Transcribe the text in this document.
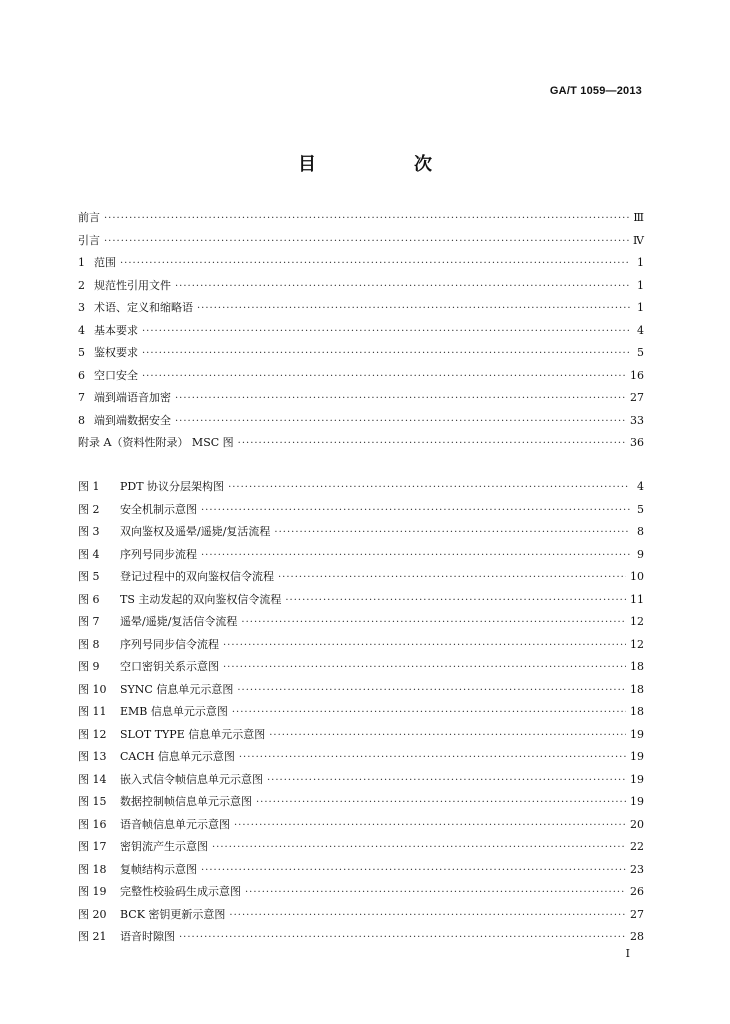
GA/T 1059—2013
目　次
前言 ·····	Ⅲ
引言 ·····	Ⅳ
1 范围 ·····	1
2 规范性引用文件 ·····	1
3 术语、定义和缩略语 ·····	1
4 基本要求 ·····	4
5 鉴权要求 ·····	5
6 空口安全 ·····	16
7 端到端语音加密 ·····	27
8 端到端数据安全 ·····	33
附录 A（资料性附录） MSC 图 ·····	36
图 1	PDT 协议分层架构图 ·····	4
图 2	安全机制示意图 ·····	5
图 3	双向鉴权及遥晕/遥毙/复活流程 ·····	8
图 4	序列号同步流程 ·····	9
图 5	登记过程中的双向鉴权信令流程 ·····	10
图 6	TS 主动发起的双向鉴权信令流程 ·····	11
图 7	遥晕/遥毙/复活信令流程 ·····	12
图 8	序列号同步信令流程 ·····	12
图 9	空口密钥关系示意图 ·····	18
图 10	SYNC 信息单元示意图 ·····	18
图 11	EMB 信息单元示意图 ·····	18
图 12	SLOT TYPE 信息单元示意图 ·····	19
图 13	CACH 信息单元示意图 ·····	19
图 14	嵌入式信令帧信息单元示意图 ·····	19
图 15	数据控制帧信息单元示意图 ·····	19
图 16	语音帧信息单元示意图 ·····	20
图 17	密钥流产生示意图 ·····	22
图 18	复帧结构示意图 ·····	23
图 19	完整性校验码生成示意图 ·····	26
图 20	BCK 密钥更新示意图 ·····	27
图 21	语音时隙图 ·····	28
I
